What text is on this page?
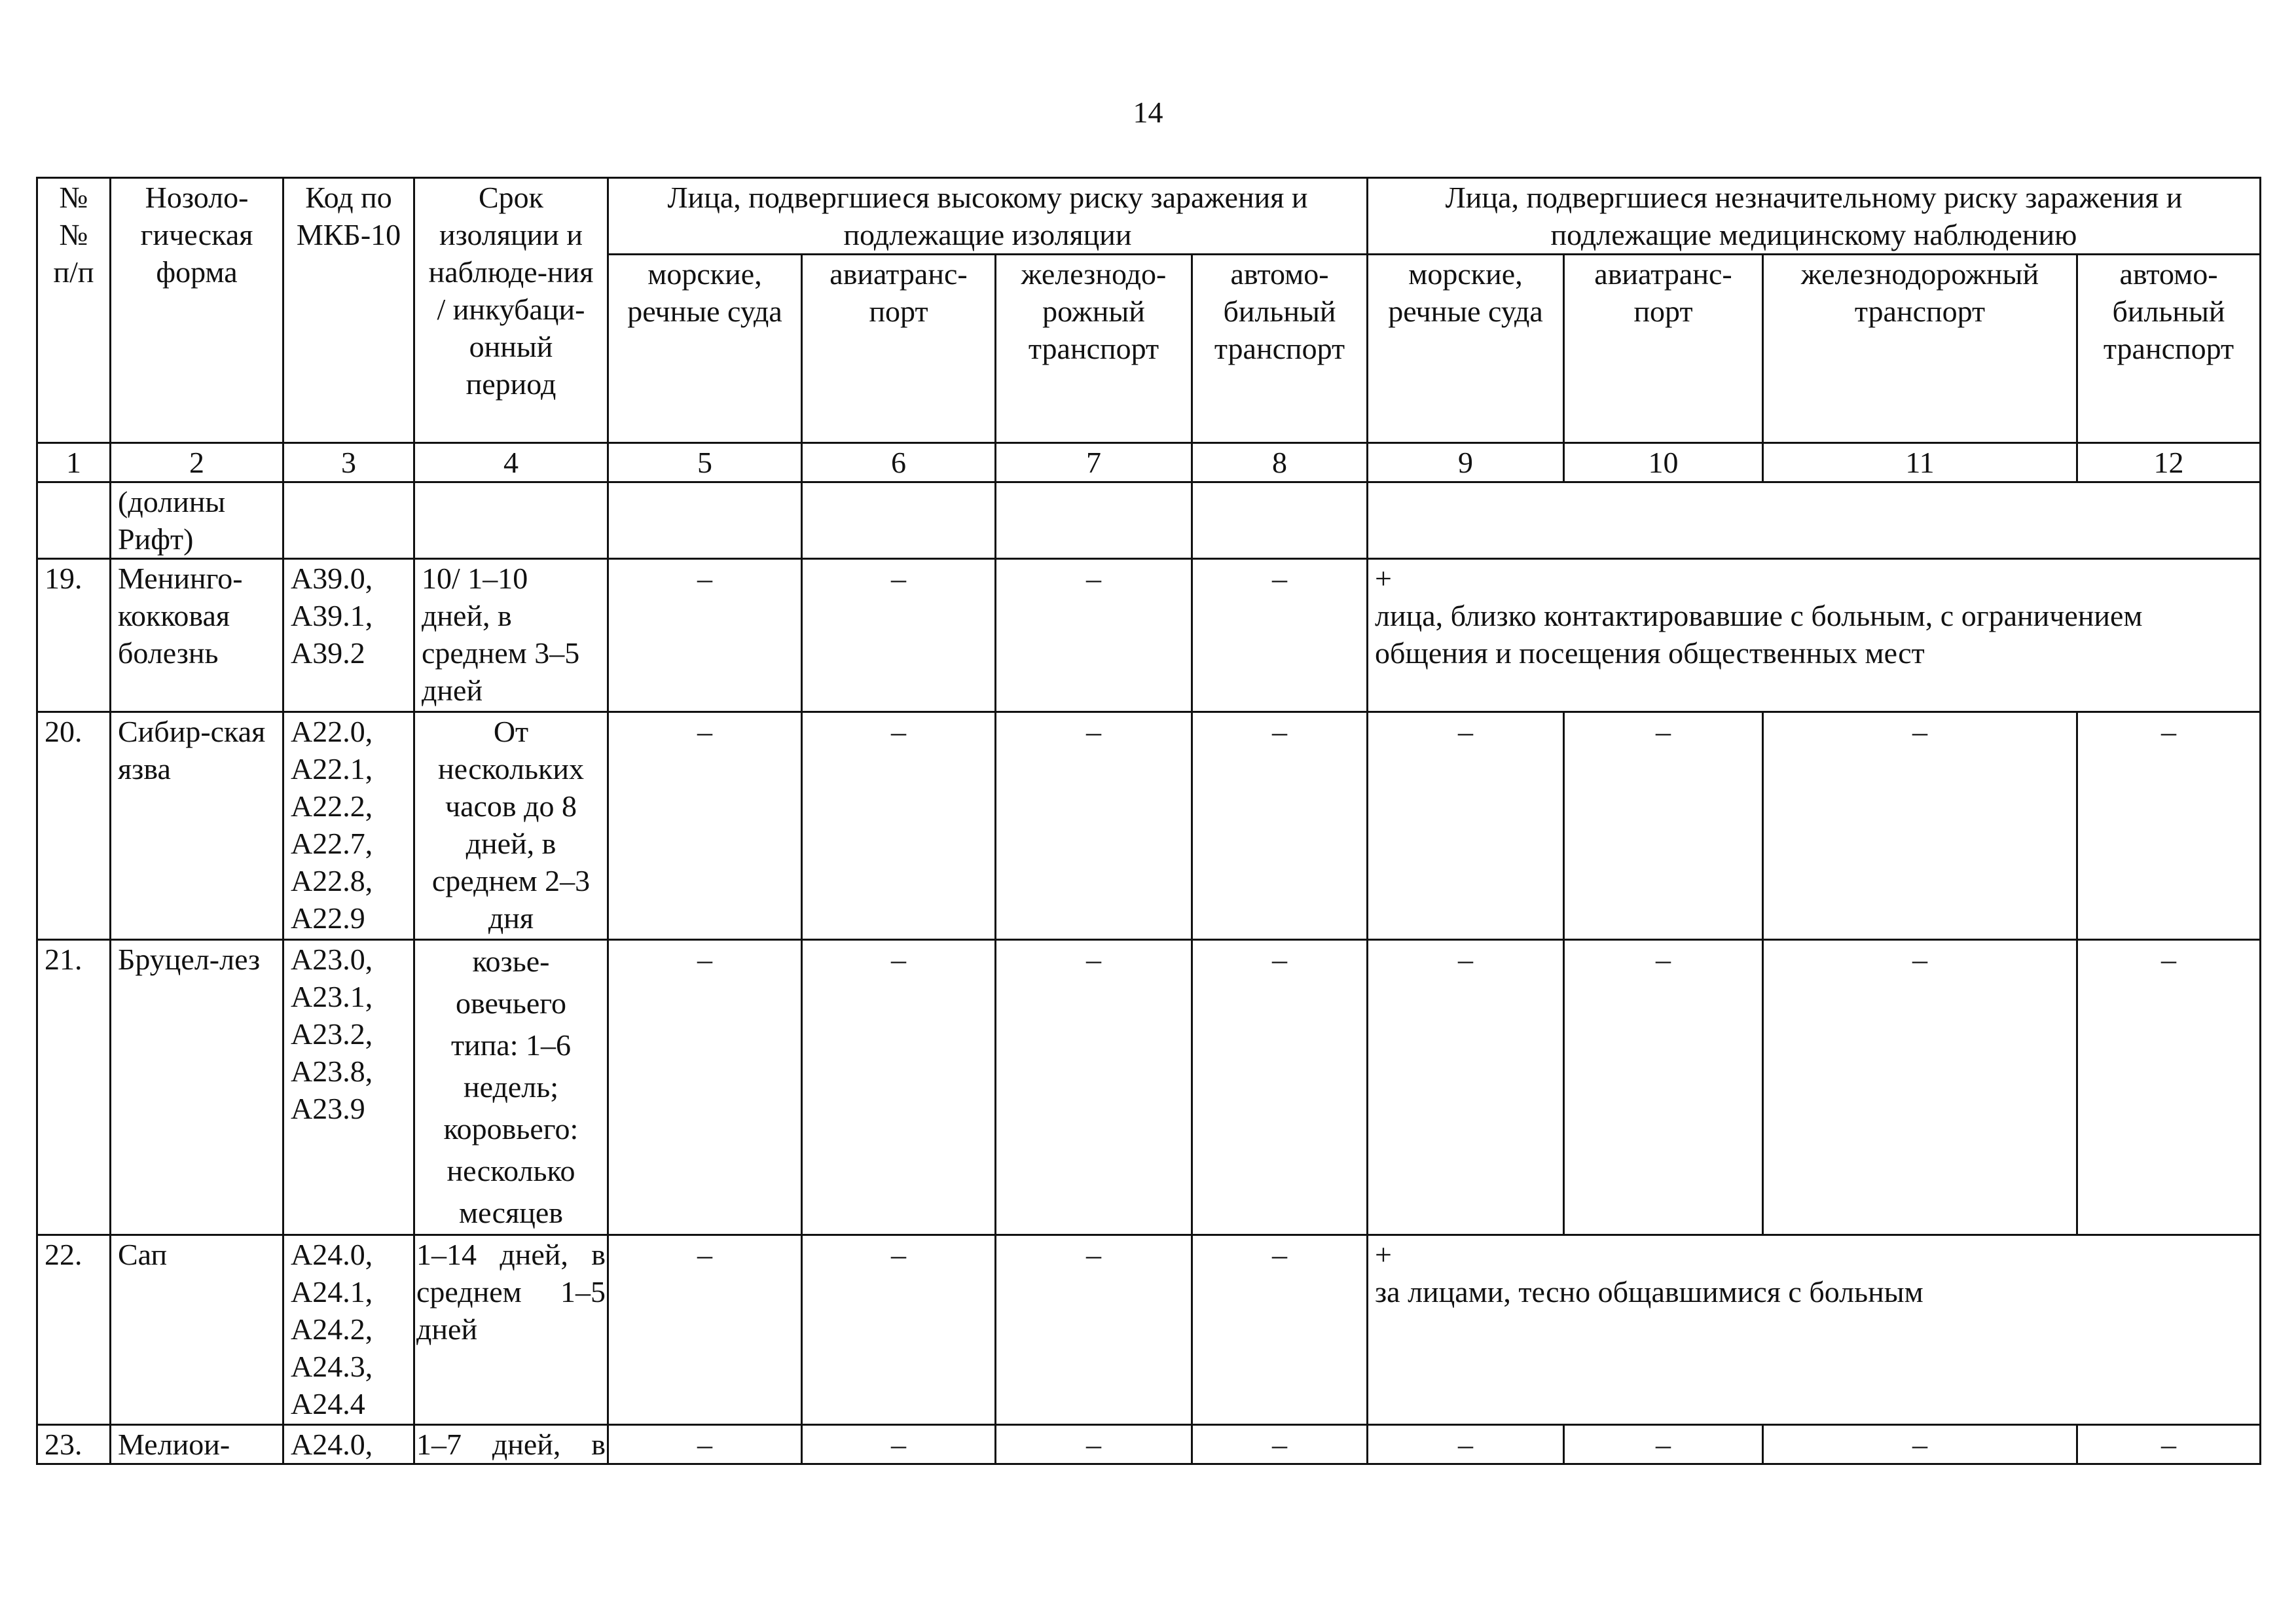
14
№ № п/п	Нозоло-гическая форма	Код по МКБ-10	Срок изоляции и наблюде-ния / инкубаци-онный период	Лица, подвергшиеся высокому риску заражения и подлежащие изоляции				Лица, подвергшиеся незначительному риску заражения и подлежащие медицинскому наблюдению			
				морские, речные суда	авиатранс-порт	железнодо-рожный транспорт	автомо-бильный транспорт	морские, речные суда	авиатранс-порт	железнодорожный транспорт	автомо-бильный транспорт
1	2	3	4	5	6	7	8	9	10	11	12
	(долины Рифт)										
19.	Менинго-кокковая болезнь	A39.0, A39.1, A39.2	10/ 1–10 дней, в среднем 3–5 дней	–	–	–	–	+
лица, близко контактировавшие с больным, с ограничением общения и посещения общественных мест			

20.	Сибир-ская язва	A22.0, A22.1, A22.2, A22.7, A22.8, A22.9	От нескольких часов до 8 дней, в среднем 2–3 дня	–	–	–	–	–	–	–	–
21.	Бруцел-лез	A23.0, A23.1, A23.2, A23.8, A23.9	козье-овечьего типа: 1–6 недель; коровьего: несколько месяцев	–	–	–	–	–	–	–	–
22.	Сап	A24.0, A24.1, A24.2, A24.3, A24.4	1–14 дней, в среднем 1–5 дней	–	–	–	–	+
за лицами, тесно общавшимися с больным			

23.	Мелиои-	A24.0,	1–7 дней, в	–	–	–	–	–	–	–	–
